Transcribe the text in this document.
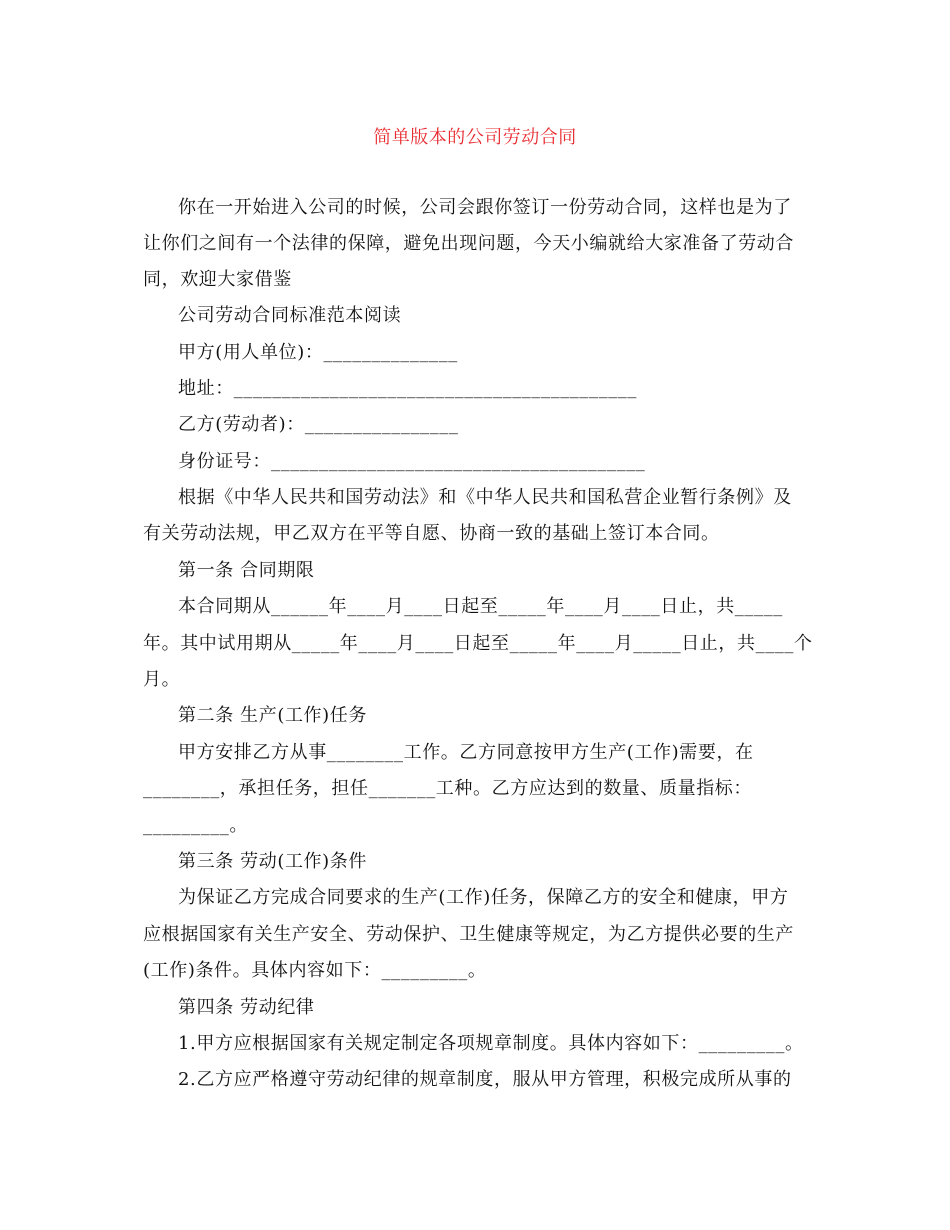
简单版本的公司劳动合同
你在一开始进入公司的时候，公司会跟你签订一份劳动合同，这样也是为了
让你们之间有一个法律的保障，避免出现问题，今天小编就给大家准备了劳动合
同，欢迎大家借鉴
公司劳动合同标准范本阅读
甲方(用人单位)：______________
地址：__________________________________________
乙方(劳动者)：________________
身份证号：_______________________________________
根据《中华人民共和国劳动法》和《中华人民共和国私营企业暂行条例》及
有关劳动法规，甲乙双方在平等自愿、协商一致的基础上签订本合同。
第一条 合同期限
本合同期从______年____月____日起至_____年____月____日止，共_____
年。其中试用期从_____年____月____日起至_____年____月_____日止，共____个
月。
第二条 生产(工作)任务
甲方安排乙方从事________工作。乙方同意按甲方生产(工作)需要，在
________，承担任务，担任_______工种。乙方应达到的数量、质量指标：
_________。
第三条 劳动(工作)条件
为保证乙方完成合同要求的生产(工作)任务，保障乙方的安全和健康，甲方
应根据国家有关生产安全、劳动保护、卫生健康等规定，为乙方提供必要的生产
(工作)条件。具体内容如下：_________。
第四条 劳动纪律
1.甲方应根据国家有关规定制定各项规章制度。具体内容如下：_________。
2.乙方应严格遵守劳动纪律的规章制度，服从甲方管理，积极完成所从事的
